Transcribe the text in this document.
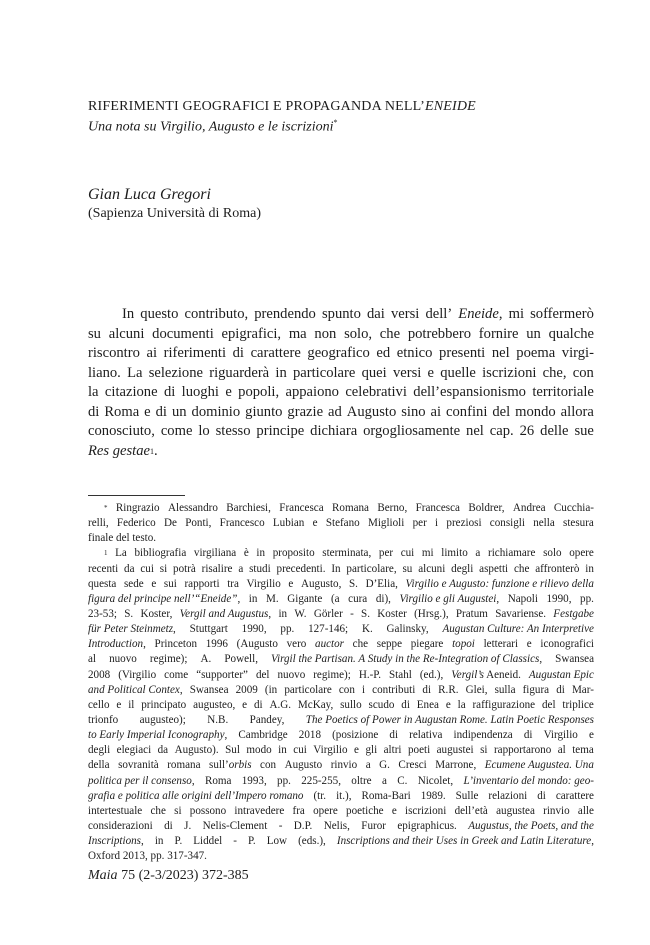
RIFERIMENTI GEOGRAFICI E PROPAGANDA NELL’ENEIDE
Una nota su Virgilio, Augusto e le iscrizioni*
Gian Luca Gregori
(Sapienza Università di Roma)
In questo contributo, prendendo spunto dai versi dell’ Eneide, mi soffermerò
su alcuni documenti epigrafici, ma non solo, che potrebbero fornire un qualche
riscontro ai riferimenti di carattere geografico ed etnico presenti nel poema virgi-
liano. La selezione riguarderà in particolare quei versi e quelle iscrizioni che, con
la citazione di luoghi e popoli, appaiono celebrativi dell’espansionismo territoriale
di Roma e di un dominio giunto grazie ad Augusto sino ai confini del mondo allora
conosciuto, come lo stesso principe dichiara orgogliosamente nel cap. 26 delle sue
Res gestae $^1$ .
* Ringrazio Alessandro Barchiesi, Francesca Romana Berno, Francesca Boldrer, Andrea Cucchia-
relli, Federico De Ponti, Francesco Lubian e Stefano Miglioli per i preziosi consigli nella stesura
finale del testo.
$^1$ La bibliografia virgiliana è in proposito sterminata, per cui mi limito a richiamare solo opere
recenti da cui si potrà risalire a studi precedenti. In particolare, su alcuni degli aspetti che affronterò in
questa sede e sui rapporti tra Virgilio e Augusto, S. D’Elia, Virgilio e Augusto: funzione e rilievo della
figura del principe nell’“Eneide”, in M. Gigante (a cura di), Virgilio e gli Augustei, Napoli 1990, pp.
23-53; S. Koster, Vergil and Augustus, in W. Görler - S. Koster (Hrsg.), Pratum Savariense. Festgabe
für Peter Steinmetz, Stuttgart 1990, pp. 127-146; K. Galinsky, Augustan Culture: An Interpretive
Introduction, Princeton 1996 (Augusto vero auctor che seppe piegare topoi letterari e iconografici
al nuovo regime); A. Powell, Virgil the Partisan. A Study in the Re-Integration of Classics, Swansea
2008 (Virgilio come “supporter” del nuovo regime); H.-P. Stahl (ed.), Vergil’s Aeneid. Augustan Epic
and Political Contex, Swansea 2009 (in particolare con i contributi di R.R. Glei, sulla figura di Mar-
cello e il principato augusteo, e di A.G. McKay, sullo scudo di Enea e la raffigurazione del triplice
trionfo augusteo); N.B. Pandey, The Poetics of Power in Augustan Rome. Latin Poetic Responses
to Early Imperial Iconography, Cambridge 2018 (posizione di relativa indipendenza di Virgilio e
degli elegiaci da Augusto). Sul modo in cui Virgilio e gli altri poeti augustei si rapportarono al tema
della sovranità romana sull’orbis con Augusto rinvio a G. Cresci Marrone, Ecumene Augustea. Una
politica per il consenso, Roma 1993, pp. 225-255, oltre a C. Nicolet, L’inventario del mondo: geo-
grafia e politica alle origini dell’Impero romano (tr. it.), Roma-Bari 1989. Sulle relazioni di carattere
intertestuale che si possono intravedere fra opere poetiche e iscrizioni dell’età augustea rinvio alle
considerazioni di J. Nelis-Clement - D.P. Nelis, Furor epigraphicus. Augustus, the Poets, and the
Inscriptions, in P. Liddel - P. Low (eds.), Inscriptions and their Uses in Greek and Latin Literature,
Oxford 2013, pp. 317-347.
Maia 75 (2-3/2023) 372-385
